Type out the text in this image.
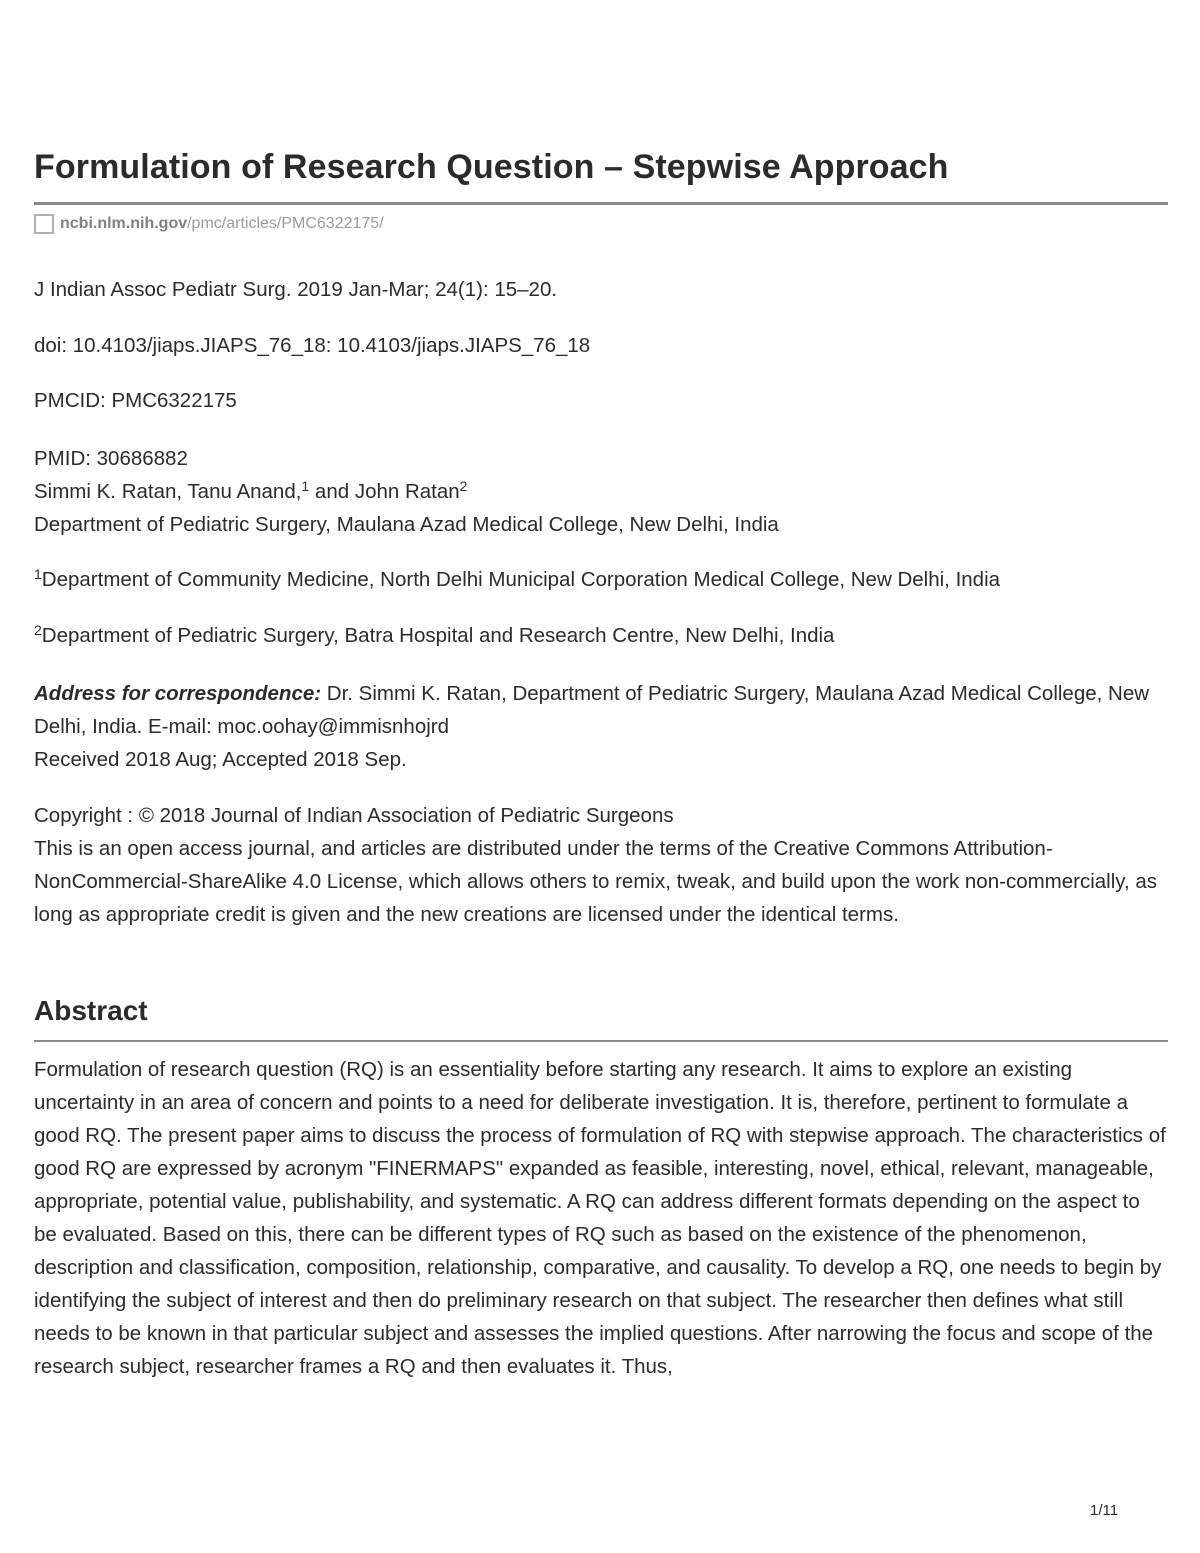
Formulation of Research Question – Stepwise Approach
ncbi.nlm.nih.gov /pmc/articles/PMC6322175/
J Indian Assoc Pediatr Surg. 2019 Jan-Mar; 24(1): 15–20.
doi: 10.4103/jiaps.JIAPS_76_18: 10.4103/jiaps.JIAPS_76_18
PMCID: PMC6322175
PMID: 30686882
Simmi K. Ratan, Tanu Anand,$^1$ and John Ratan$^2$
Department of Pediatric Surgery, Maulana Azad Medical College, New Delhi, India
$^1$Department of Community Medicine, North Delhi Municipal Corporation Medical College, New Delhi, India
$^2$Department of Pediatric Surgery, Batra Hospital and Research Centre, New Delhi, India
Address for correspondence: Dr. Simmi K. Ratan, Department of Pediatric Surgery, Maulana Azad Medical College, New Delhi, India. E-mail: moc.oohay@immisnhojrd
Received 2018 Aug; Accepted 2018 Sep.
Copyright : © 2018 Journal of Indian Association of Pediatric Surgeons
This is an open access journal, and articles are distributed under the terms of the Creative Commons Attribution-NonCommercial-ShareAlike 4.0 License, which allows others to remix, tweak, and build upon the work non-commercially, as long as appropriate credit is given and the new creations are licensed under the identical terms.
Abstract
Formulation of research question (RQ) is an essentiality before starting any research. It aims to explore an existing uncertainty in an area of concern and points to a need for deliberate investigation. It is, therefore, pertinent to formulate a good RQ. The present paper aims to discuss the process of formulation of RQ with stepwise approach. The characteristics of good RQ are expressed by acronym "FINERMAPS" expanded as feasible, interesting, novel, ethical, relevant, manageable, appropriate, potential value, publishability, and systematic. A RQ can address different formats depending on the aspect to be evaluated. Based on this, there can be different types of RQ such as based on the existence of the phenomenon, description and classification, composition, relationship, comparative, and causality. To develop a RQ, one needs to begin by identifying the subject of interest and then do preliminary research on that subject. The researcher then defines what still needs to be known in that particular subject and assesses the implied questions. After narrowing the focus and scope of the research subject, researcher frames a RQ and then evaluates it. Thus,
1/11
